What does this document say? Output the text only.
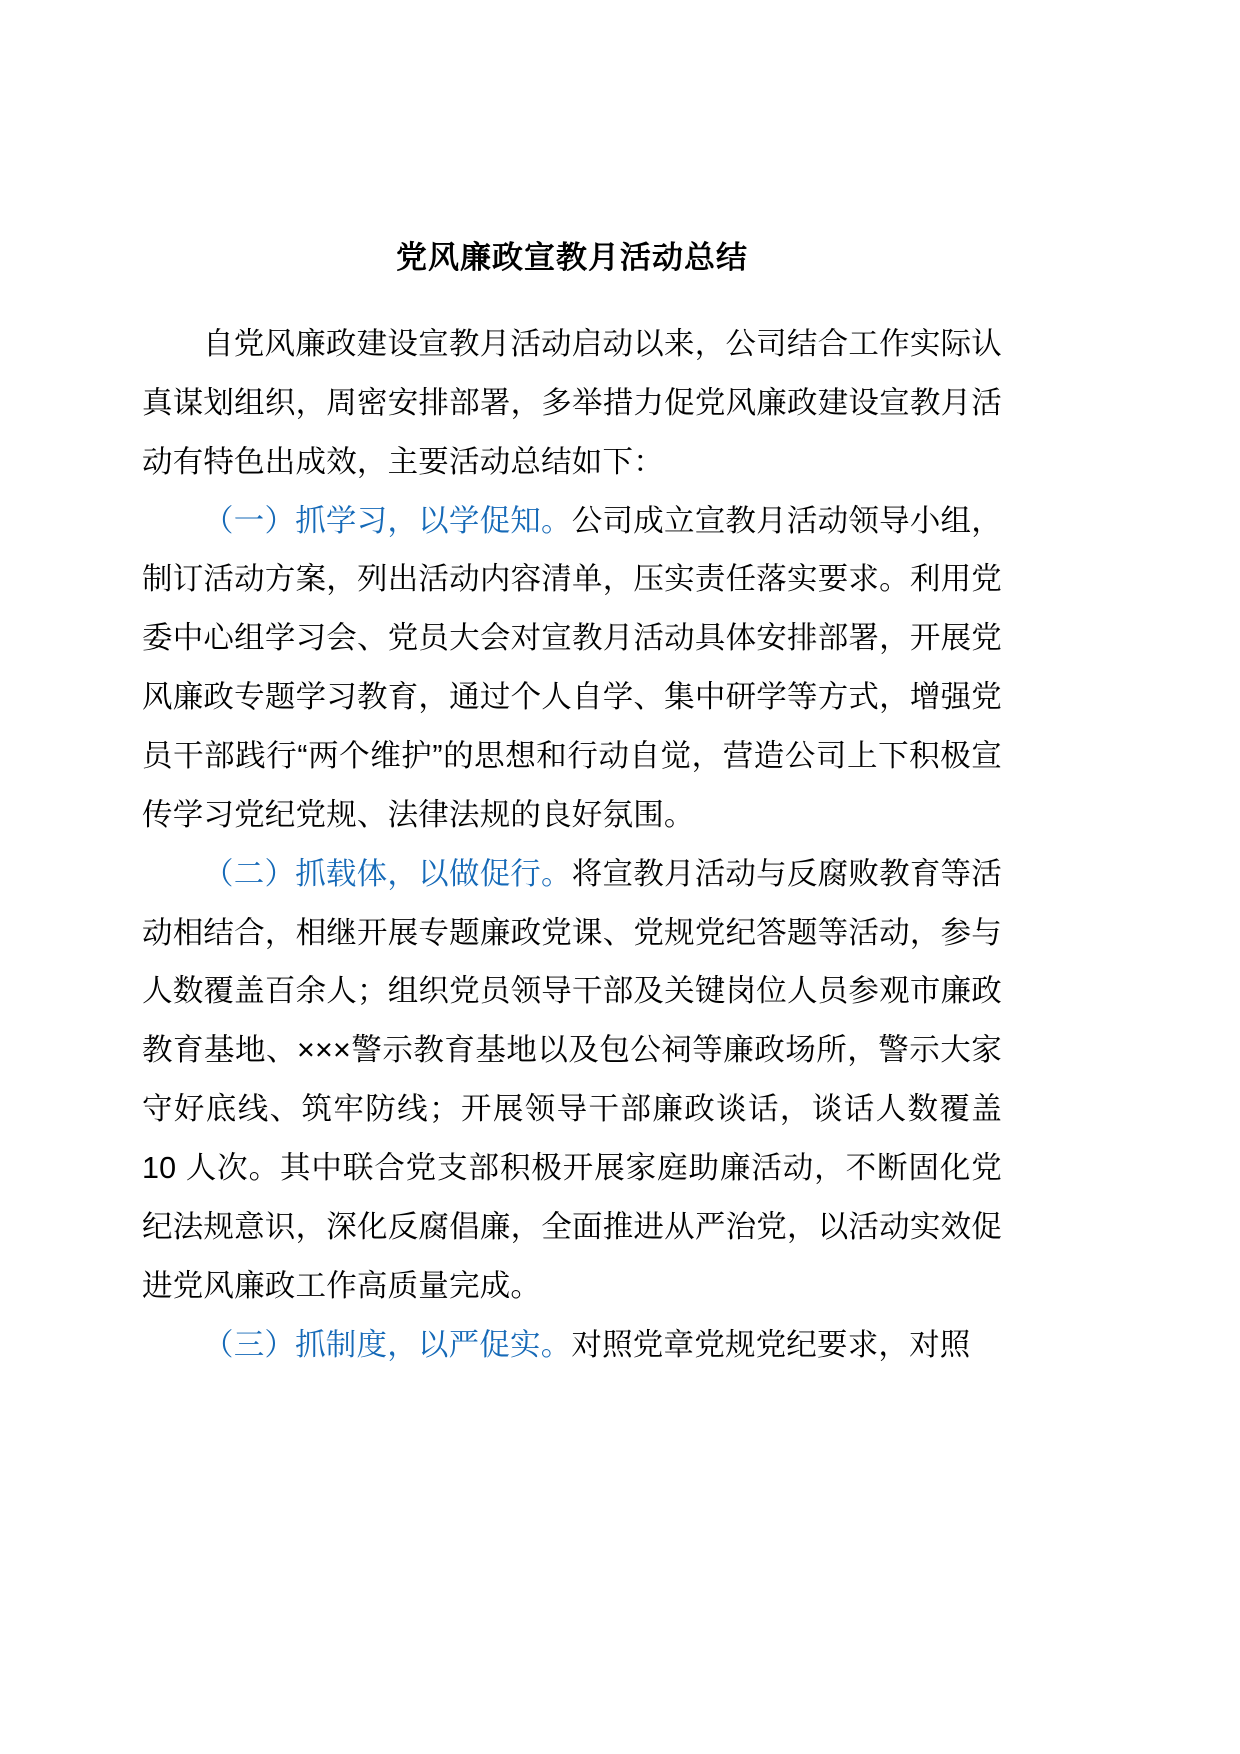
党风廉政宣教月活动总结

自党风廉政建设宣教月活动启动以来，公司结合工作实际认真谋划组织，周密安排部署，多举措力促党风廉政建设宣教月活动有特色出成效，主要活动总结如下：

（一）抓学习，以学促知。公司成立宣教月活动领导小组，制订活动方案，列出活动内容清单，压实责任落实要求。利用党委中心组学习会、党员大会对宣教月活动具体安排部署，开展党风廉政专题学习教育，通过个人自学、集中研学等方式，增强党员干部践行“两个维护”的思想和行动自觉，营造公司上下积极宣传学习党纪党规、法律法规的良好氛围。

（二）抓载体，以做促行。将宣教月活动与反腐败教育等活动相结合，相继开展专题廉政党课、党规党纪答题等活动，参与人数覆盖百余人；组织党员领导干部及关键岗位人员参观市廉政教育基地、×××警示教育基地以及包公祠等廉政场所，警示大家守好底线、筑牢防线；开展领导干部廉政谈话，谈话人数覆盖 10 人次。其中联合党支部积极开展家庭助廉活动，不断固化党纪法规意识，深化反腐倡廉，全面推进从严治党，以活动实效促进党风廉政工作高质量完成。

（三）抓制度，以严促实。对照党章党规党纪要求，对照
